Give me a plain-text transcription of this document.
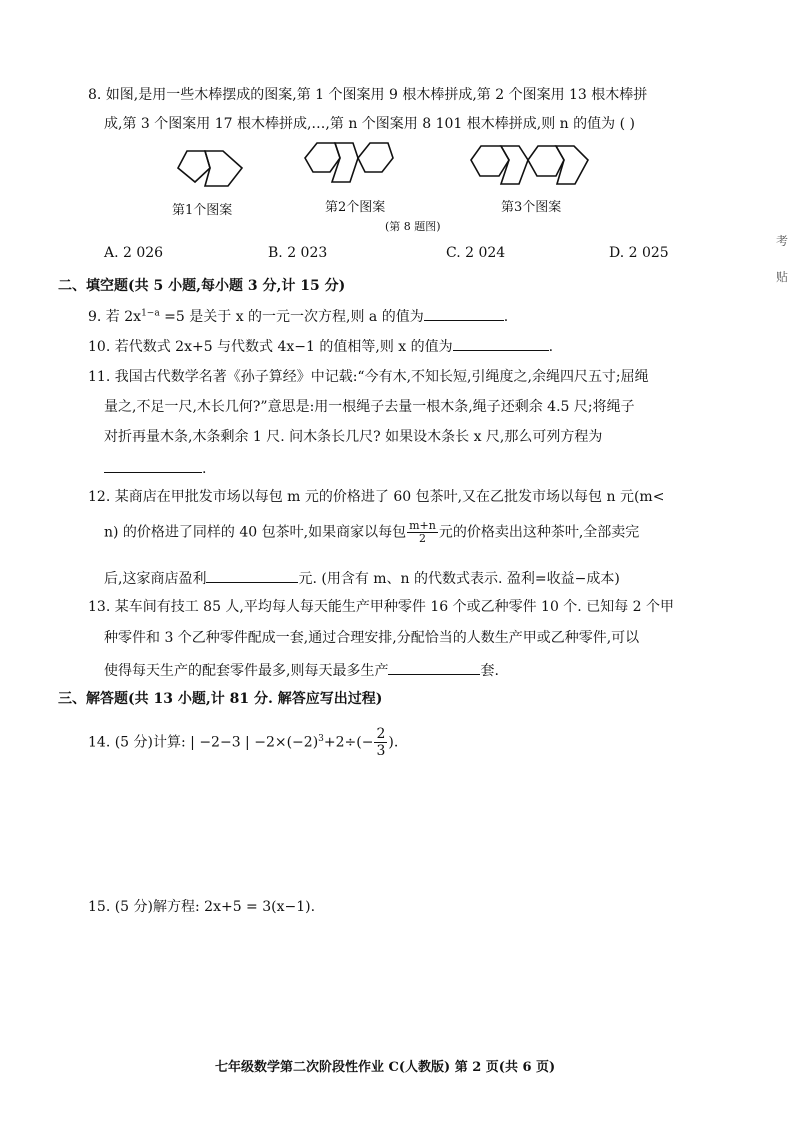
8. 如图,是用一些木棒摆成的图案,第 1 个图案用 9 根木棒拼成,第 2 个图案用 13 根木棒拼
成,第 3 个图案用 17 根木棒拼成,…,第 n 个图案用 8 101 根木棒拼成,则 n 的值为 ( )
第1个图案	第2个图案	第3个图案
(第 8 题图)
A. 2 026	B. 2 023	C. 2 024	D. 2 025
考
贴
二、填空题(共 5 小题,每小题 3 分,计 15 分)
9. 若 $2x^{1-a} =5$ 是关于 x 的一元一次方程,则 a 的值为	.
10. 若代数式 2x+5 与代数式 4x−1 的值相等,则 x 的值为	.
11. 我国古代数学名著《孙子算经》中记载:“今有木,不知长短,引绳度之,余绳四尺五寸;屈绳
量之,不足一尺,木长几何?”意思是:用一根绳子去量一根木条,绳子还剩余 4.5 尺;将绳子
对折再量木条,木条剩余 1 尺. 问木条长几尺? 如果设木条长 x 尺,那么可列方程为
.
12. 某商店在甲批发市场以每包 m 元的价格进了 60 包茶叶,又在乙批发市场以每包 n 元(m<
n) 的价格进了同样的 40 包茶叶,如果商家以每包 $\frac{m+n}{2}$ 元的价格卖出这种茶叶,全部卖完
后,这家商店盈利	元. (用含有 m、n 的代数式表示. 盈利=收益−成本)
13. 某车间有技工 85 人,平均每人每天能生产甲种零件 16 个或乙种零件 10 个. 已知每 2 个甲
种零件和 3 个乙种零件配成一套,通过合理安排,分配恰当的人数生产甲或乙种零件,可以
使得每天生产的配套零件最多,则每天最多生产	套.
三、解答题(共 13 小题,计 81 分. 解答应写出过程)
14. (5 分)计算: | −2−3 | $-2\times(-2)^3+2\div(- \frac{2}{3}$ ).
15. (5 分)解方程: 2x+5 = 3(x−1).
七年级数学第二次阶段性作业 C(人教版) 第 2 页(共 6 页)
